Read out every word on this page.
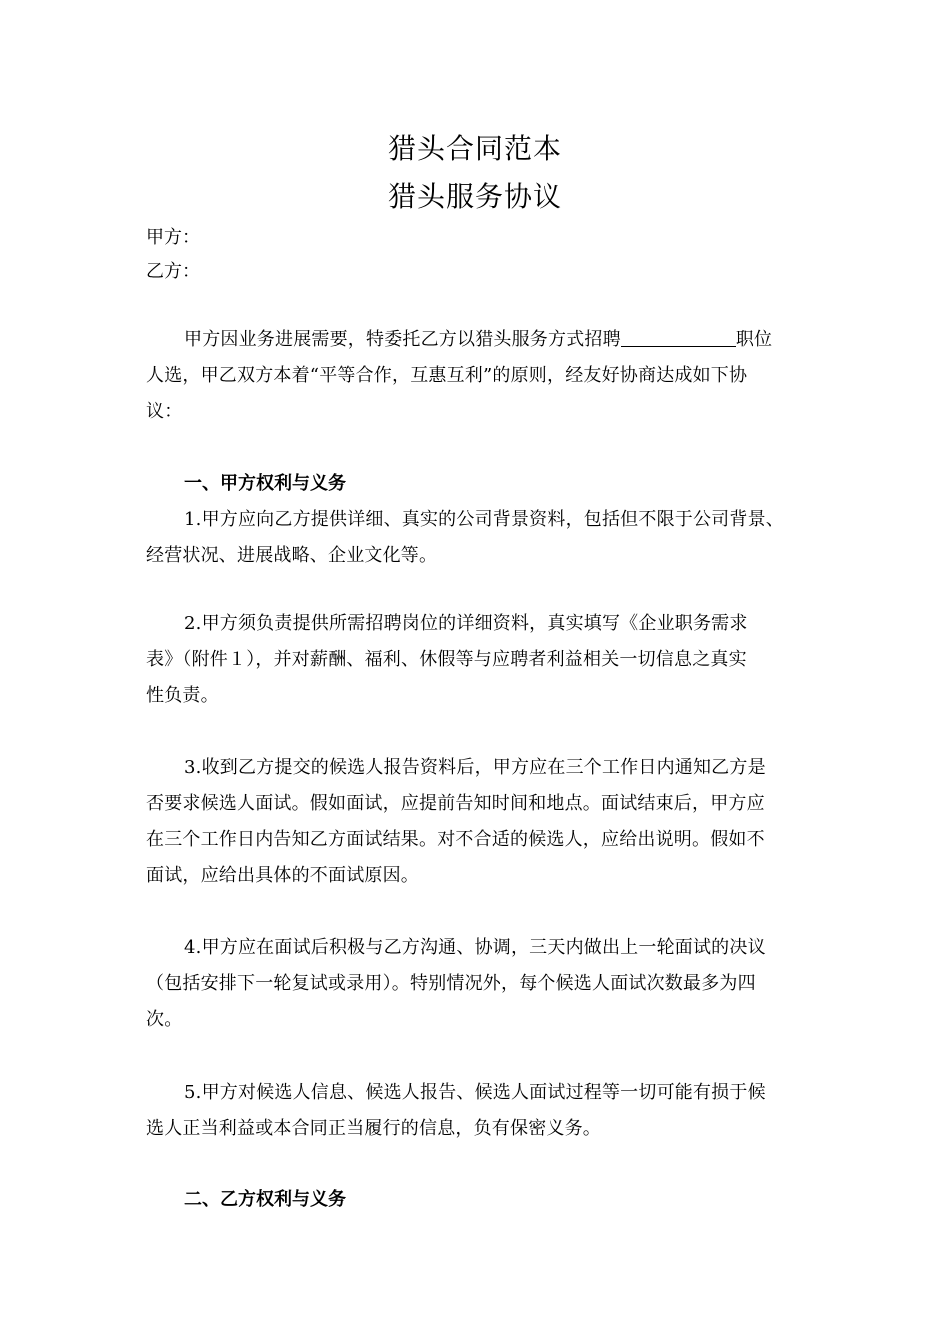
猎头合同范本
猎头服务协议
甲方：
乙方：
甲方因业务进展需要，特委托乙方以猎头服务方式招聘	职位
人选，甲乙双方本着“平等合作，互惠互利”的原则，经友好协商达成如下协
议：
一、甲方权利与义务
1.甲方应向乙方提供详细、真实的公司背景资料，包括但不限于公司背景、
经营状况、进展战略、企业文化等。
2.甲方须负责提供所需招聘岗位的详细资料，真实填写《企业职务需求
表》（附件１），并对薪酬、福利、休假等与应聘者利益相关一切信息之真实
性负责。
3.收到乙方提交的候选人报告资料后，甲方应在三个工作日内通知乙方是
否要求候选人面试。假如面试，应提前告知时间和地点。面试结束后，甲方应
在三个工作日内告知乙方面试结果。对不合适的候选人，应给出说明。假如不
面试，应给出具体的不面试原因。
4.甲方应在面试后积极与乙方沟通、协调，三天内做出上一轮面试的决议
（包括安排下一轮复试或录用）。特别情况外，每个候选人面试次数最多为四
次。
5.甲方对候选人信息、候选人报告、候选人面试过程等一切可能有损于候
选人正当利益或本合同正当履行的信息，负有保密义务。
二、乙方权利与义务
